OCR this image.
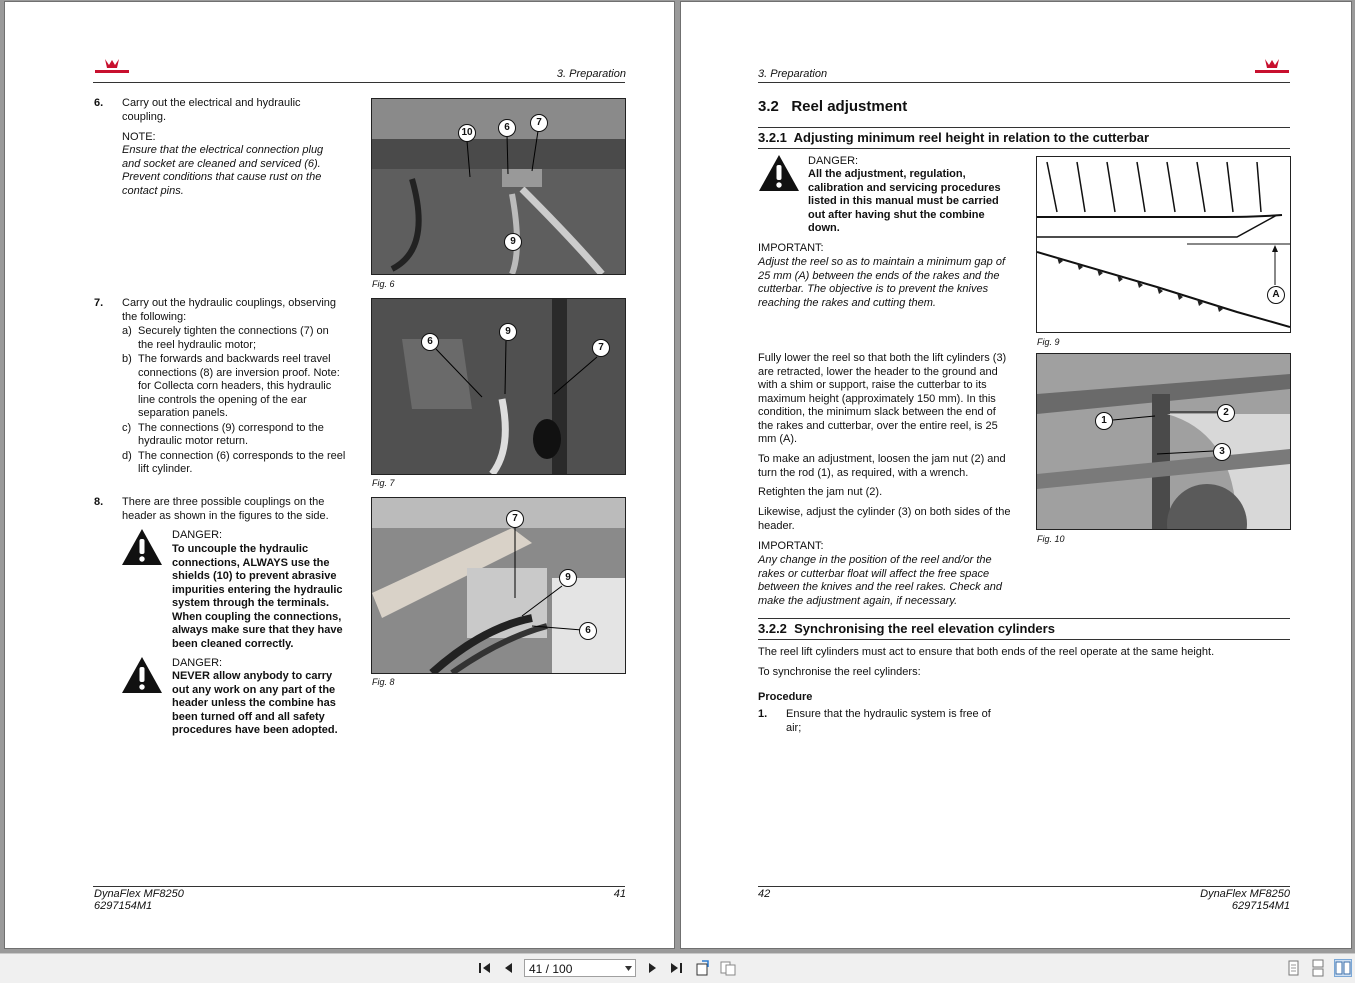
3. Preparation
6. Carry out the electrical and hydraulic coupling.
NOTE:
Ensure that the electrical connection plug and socket are cleaned and serviced (6). Prevent conditions that cause rust on the contact pins.
10	6	7
9
Fig. 6
7. Carry out the hydraulic couplings, observing the following:
a) Securely tighten the connections (7) on the reel hydraulic motor;
b) The forwards and backwards reel travel connections (8) are inversion proof. Note: for Collecta corn headers, this hydraulic line controls the opening of the ear separation panels.
c) The connections (9) correspond to the hydraulic motor return.
d) The connection (6) corresponds to the reel lift cylinder.
6
9
7
Fig. 7
8. There are three possible couplings on the header as shown in the figures to the side.
DANGER:
To uncouple the hydraulic connections, ALWAYS use the shields (10) to prevent abrasive impurities entering the hydraulic system through the terminals. When coupling the connections, always make sure that they have been cleaned correctly.
DANGER:
NEVER allow anybody to carry out any work on any part of the header unless the combine has been turned off and all safety procedures have been adopted.
7
9
6
Fig. 8
DynaFlex MF8250
6297154M1
41
3. Preparation
3.2   Reel adjustment
3.2.1  Adjusting minimum reel height in relation to the cutterbar
DANGER:
All the adjustment, regulation, calibration and servicing procedures listed in this manual must be carried out after having shut the combine down.
IMPORTANT:
Adjust the reel so as to maintain a minimum gap of 25 mm (A) between the ends of the rakes and the cutterbar. The objective is to prevent the knives reaching the rakes and cutting them.
A
Fig. 9
1
2
3
Fig. 10
Fully lower the reel so that both the lift cylinders (3) are retracted, lower the header to the ground and with a shim or support, raise the cutterbar to its maximum height (approximately 150 mm). In this condition, the minimum slack between the end of the rakes and cutterbar, over the entire reel, is 25 mm (A).
To make an adjustment, loosen the jam nut (2) and turn the rod (1), as required, with a wrench.
Retighten the jam nut (2).
Likewise, adjust the cylinder (3) on both sides of the header.
IMPORTANT:
Any change in the position of the reel and/or the rakes or cutterbar float will affect the free space between the knives and the reel rakes. Check and make the adjustment again, if necessary.
3.2.2  Synchronising the reel elevation cylinders
The reel lift cylinders must act to ensure that both ends of the reel operate at the same height.
To synchronise the reel cylinders:
Procedure
1. Ensure that the hydraulic system is free of air;
42	DynaFlex MF8250
6297154M1
41 / 100
